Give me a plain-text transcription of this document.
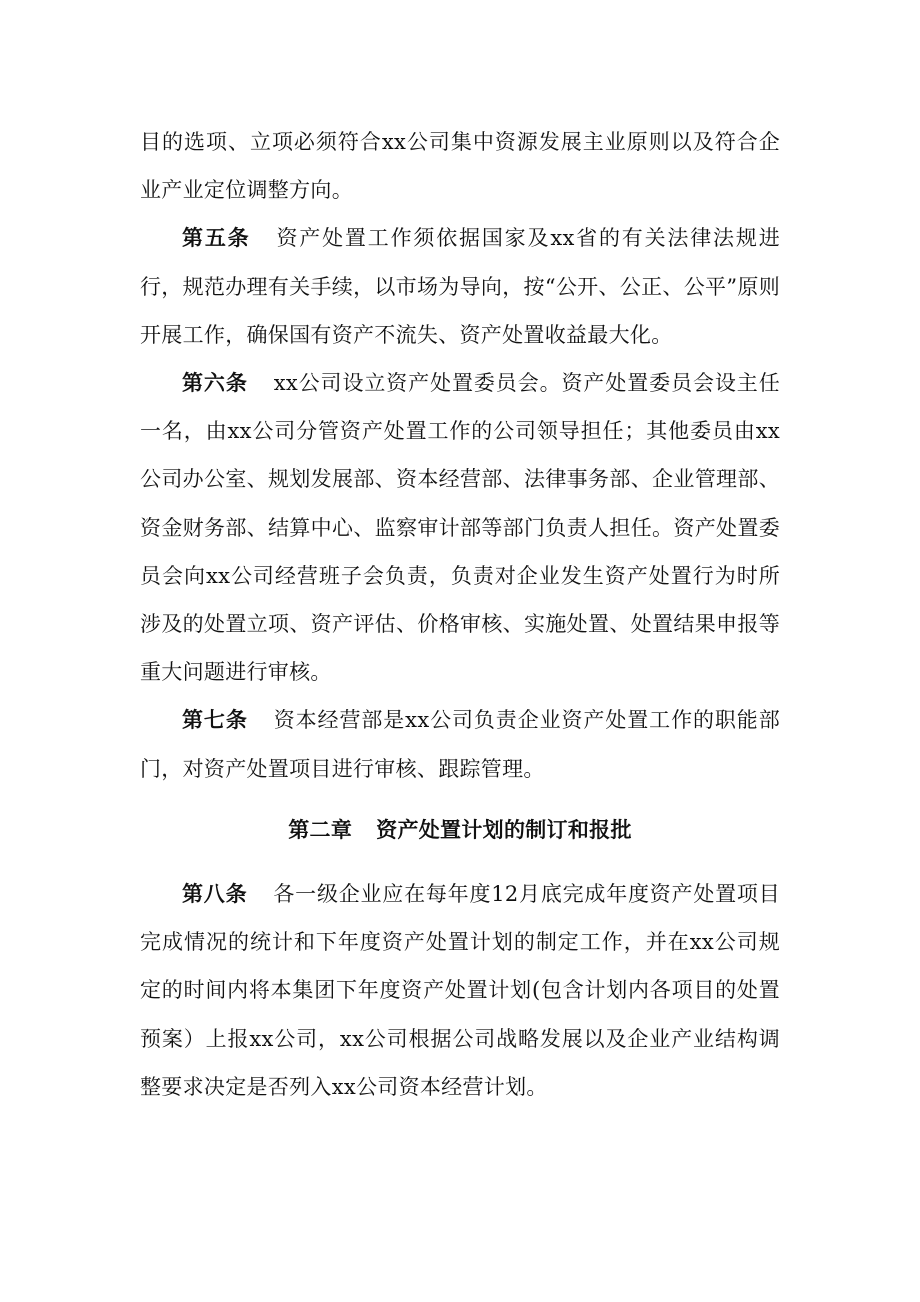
目的选项、立项必须符合xx公司集中资源发展主业原则以及符合企业产业定位调整方向。

第五条 资产处置工作须依据国家及xx省的有关法律法规进行，规范办理有关手续，以市场为导向，按“公开、公正、公平”原则开展工作，确保国有资产不流失、资产处置收益最大化。

第六条 xx公司设立资产处置委员会。资产处置委员会设主任一名，由xx公司分管资产处置工作的公司领导担任；其他委员由xx公司办公室、规划发展部、资本经营部、法律事务部、企业管理部、资金财务部、结算中心、监察审计部等部门负责人担任。资产处置委员会向xx公司经营班子会负责，负责对企业发生资产处置行为时所涉及的处置立项、资产评估、价格审核、实施处置、处置结果申报等重大问题进行审核。

第七条 资本经营部是xx公司负责企业资产处置工作的职能部门，对资产处置项目进行审核、跟踪管理。

第二章 资产处置计划的制订和报批

第八条 各一级企业应在每年度12月底完成年度资产处置项目完成情况的统计和下年度资产处置计划的制定工作，并在xx公司规定的时间内将本集团下年度资产处置计划(包含计划内各项目的处置预案）上报xx公司，xx公司根据公司战略发展以及企业产业结构调整要求决定是否列入xx公司资本经营计划。
